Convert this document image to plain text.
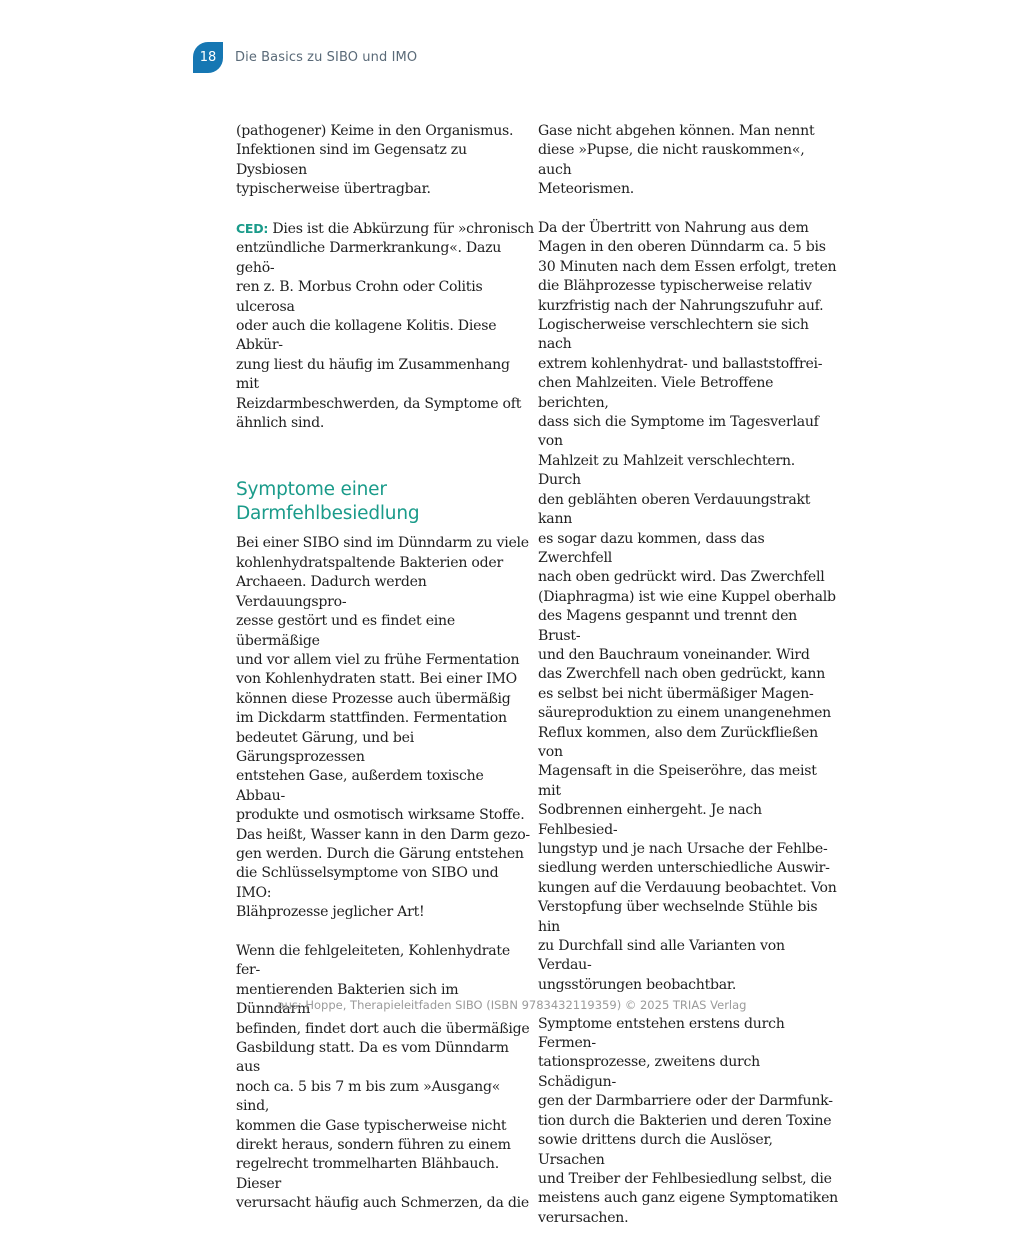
18	Die Basics zu SIBO und IMO

(pathogener) Keime in den Organismus.
Infektionen sind im Gegensatz zu Dysbiosen
typischerweise übertragbar.

CED: Dies ist die Abkürzung für »chronisch
entzündliche Darmerkrankung«. Dazu gehö-
ren z. B. Morbus Crohn oder Colitis ulcerosa
oder auch die kollagene Kolitis. Diese Abkür-
zung liest du häufig im Zusammenhang mit
Reizdarmbeschwerden, da Symptome oft
ähnlich sind.

Symptome einer
Darmfehlbesiedlung

Bei einer SIBO sind im Dünndarm zu viele
kohlenhydratspaltende Bakterien oder
Archaeen. Dadurch werden Verdauungspro-
zesse gestört und es findet eine übermäßige
und vor allem viel zu frühe Fermentation
von Kohlenhydraten statt. Bei einer IMO
können diese Prozesse auch übermäßig
im Dickdarm stattfinden. Fermentation
bedeutet Gärung, und bei Gärungsprozessen
entstehen Gase, außerdem toxische Abbau-
produkte und osmotisch wirksame Stoffe.
Das heißt, Wasser kann in den Darm gezo-
gen werden. Durch die Gärung entstehen
die Schlüsselsymptome von SIBO und IMO:
Blähprozesse jeglicher Art!

Wenn die fehlgeleiteten, Kohlenhydrate fer-
mentierenden Bakterien sich im Dünndarm
befinden, findet dort auch die übermäßige
Gasbildung statt. Da es vom Dünndarm aus
noch ca. 5 bis 7 m bis zum »Ausgang« sind,
kommen die Gase typischerweise nicht
direkt heraus, sondern führen zu einem
regelrecht trommelharten Blähbauch. Dieser
verursacht häufig auch Schmerzen, da die

Gase nicht abgehen können. Man nennt
diese »Pupse, die nicht rauskommen«, auch
Meteorismen.

Da der Übertritt von Nahrung aus dem
Magen in den oberen Dünndarm ca. 5 bis
30 Minuten nach dem Essen erfolgt, treten
die Blähprozesse typischerweise relativ
kurzfristig nach der Nahrungszufuhr auf.
Logischerweise verschlechtern sie sich nach
extrem kohlenhydrat- und ballaststoffrei-
chen Mahlzeiten. Viele Betroffene berichten,
dass sich die Symptome im Tagesverlauf von
Mahlzeit zu Mahlzeit verschlechtern. Durch
den geblähten oberen Verdauungstrakt kann
es sogar dazu kommen, dass das Zwerchfell
nach oben gedrückt wird. Das Zwerchfell
(Diaphragma) ist wie eine Kuppel oberhalb
des Magens gespannt und trennt den Brust-
und den Bauchraum voneinander. Wird
das Zwerchfell nach oben gedrückt, kann
es selbst bei nicht übermäßiger Magen-
säureproduktion zu einem unangenehmen
Reflux kommen, also dem Zurückfließen von
Magensaft in die Speiseröhre, das meist mit
Sodbrennen einhergeht. Je nach Fehlbesied-
lungstyp und je nach Ursache der Fehlbe-
siedlung werden unterschiedliche Auswir-
kungen auf die Verdauung beobachtet. Von
Verstopfung über wechselnde Stühle bis hin
zu Durchfall sind alle Varianten von Verdau-
ungsstörungen beobachtbar.

Symptome entstehen erstens durch Fermen-
tationsprozesse, zweitens durch Schädigun-
gen der Darmbarriere oder der Darmfunk-
tion durch die Bakterien und deren Toxine
sowie drittens durch die Auslöser, Ursachen
und Treiber der Fehlbesiedlung selbst, die
meistens auch ganz eigene Symptomatiken
verursachen.

aus: Hoppe, Therapieleitfaden SIBO (ISBN 9783432119359) © 2025 TRIAS Verlag
